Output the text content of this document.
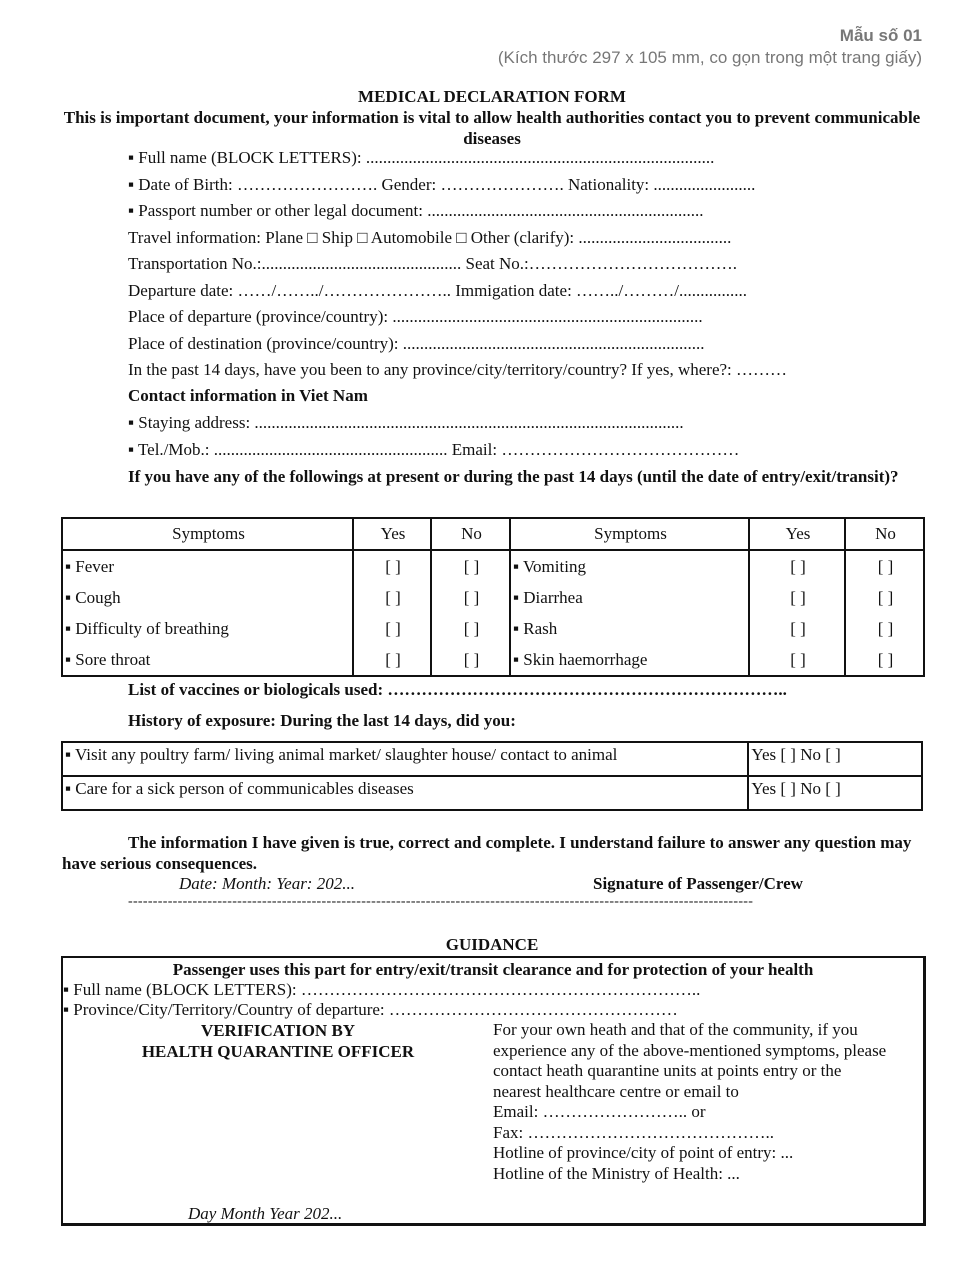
Mẫu số 01
(Kích thước 297 x 105 mm, co gọn trong một trang giấy)
MEDICAL DECLARATION FORM
This is important document, your information is vital to allow health authorities contact you to prevent communicable diseases
▪ Full name (BLOCK LETTERS): ..................................................................................
▪ Date of Birth: ……………………. Gender: …………………. Nationality: ........................
▪ Passport number or other legal document: .................................................................
Travel information: Plane □ Ship □ Automobile □ Other (clarify): ....................................
Transportation No.:............................................... Seat No.:……………………………….
Departure date: ……/……../………………….. Immigation date: ……../………/................
Place of departure (province/country): .........................................................................
Place of destination (province/country): .......................................................................
In the past 14 days, have you been to any province/city/territory/country? If yes, where?: ………
Contact information in Viet Nam
▪ Staying address: .....................................................................................................
▪ Tel./Mob.: ....................................................... Email: ……………………………………
If you have any of the followings at present or during the past 14 days (until the date of entry/exit/transit)?
Symptoms	Yes	No	Symptoms	Yes	No
▪ Fever	[ ]	[ ]	▪ Vomiting	[ ]	[ ]
▪ Cough	[ ]	[ ]	▪ Diarrhea	[ ]	[ ]
▪ Difficulty of breathing	[ ]	[ ]	▪ Rash	[ ]	[ ]
▪ Sore throat	[ ]	[ ]	▪ Skin haemorrhage	[ ]	[ ]
List of vaccines or biologicals used: ……………………………………………………………..
History of exposure: During the last 14 days, did you:
▪ Visit any poultry farm/ living animal market/ slaughter house/ contact to animal	Yes [ ] No [ ]
▪ Care for a sick person of communicables diseases	Yes [ ] No [ ]
The information I have given is true, correct and complete. I understand failure to answer any question may have serious consequences.
Date: Month: Year: 202...	Signature of Passenger/Crew
------------------------------------------------------------------------------------------------------------------------------
GUIDANCE
Passenger uses this part for entry/exit/transit clearance and for protection of your health
▪ Full name (BLOCK LETTERS): ……………………………………………………………..
▪ Province/City/Territory/Country of departure: ……………………………………………
VERIFICATION BY
HEALTH QUARANTINE OFFICER
For your own heath and that of the community, if you
experience any of the above-mentioned symptoms, please
contact heath quarantine units at points entry or the
nearest healthcare centre or email to
Email: …………………….. or
Fax: ……………………………………..
Hotline of province/city of point of entry: ...
Hotline of the Ministry of Health: ...
Day Month Year 202...
